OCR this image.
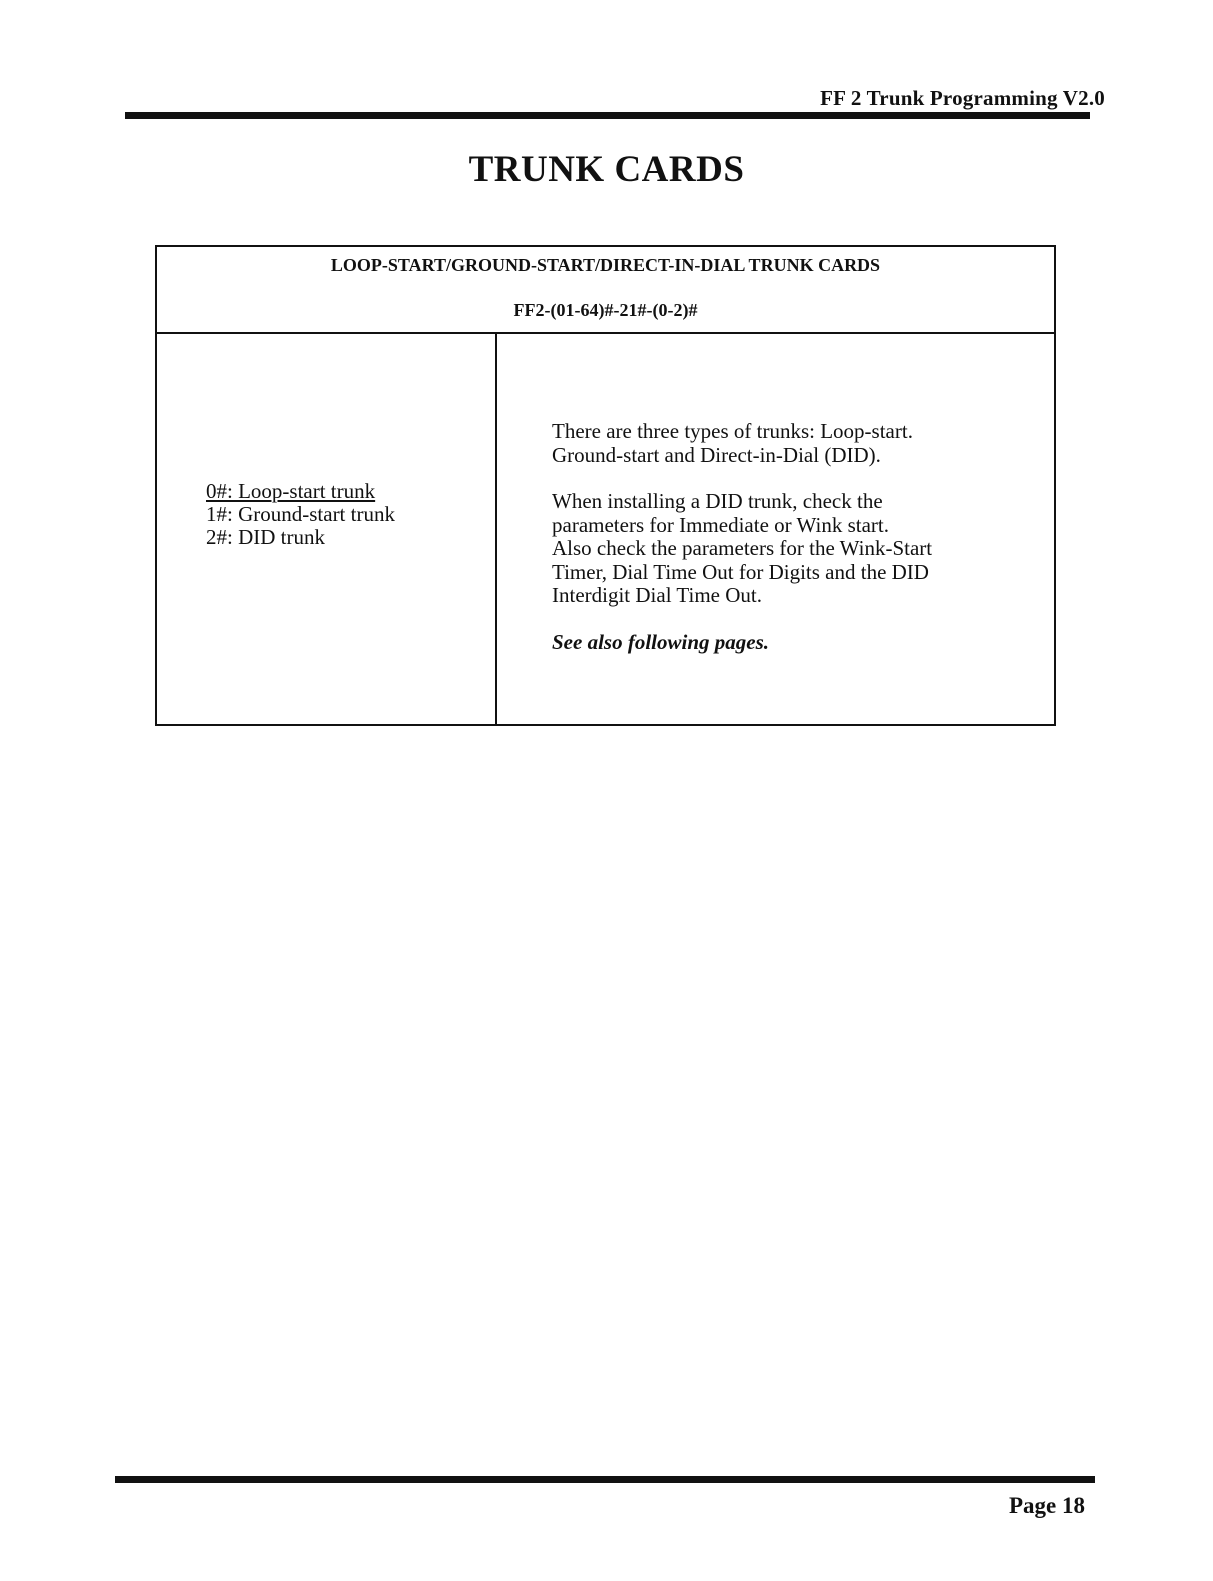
FF 2 Trunk Programming V2.0
TRUNK CARDS
LOOP-START/GROUND-START/DIRECT-IN-DIAL TRUNK CARDS
FF2-(01-64)#-21#-(0-2)#
0#: Loop-start trunk
1#: Ground-start trunk
2#: DID trunk

There are three types of trunks: Loop-start.
Ground-start and Direct-in-Dial (DID).

When installing a DID trunk, check the
parameters for Immediate or Wink start.
Also check the parameters for the Wink-Start
Timer, Dial Time Out for Digits and the DID
Interdigit Dial Time Out.

See also following pages.

Page 18
